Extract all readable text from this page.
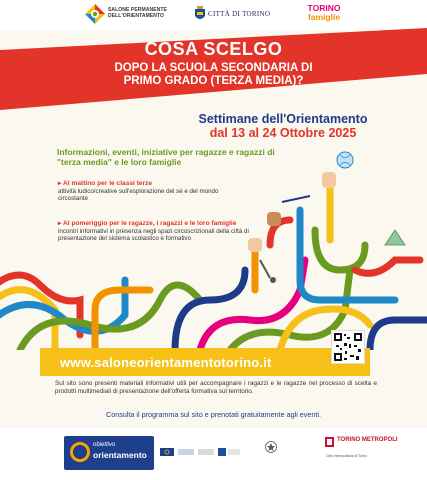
SALONE PERMANENTE
DELL'ORIENTAMENTO	CITTÀ DI TORINO
TORINO
famiglie
COSA SCELGO
DOPO LA SCUOLA SECONDARIA DI
PRIMO GRADO (TERZA MEDIA)?
Settimane dell'Orientamento
dal 13 al 24 Ottobre 2025
Informazioni, eventi, iniziative per ragazze e ragazzi di "terza media" e le loro famiglie
▸ Al mattino per le classi terze
attività ludico/creative sull'esplorazione del sé e del mondo circostante
▸ Al pomeriggio per le ragazze, i ragazzi e le loro famiglie incontri informativi in presenza negli spazi circoscrizionali della città di presentazione del sistema scolastico e formativo
www.saloneorientamentotorino.it
Sul sito sono presenti materiali informativi utili per accompagnare i ragazzi e le ragazze nel processo di scelta e prodotti multimediali di presentazione dell'offerta formativa sul territorio.
Consulta il programma sul sito e prenotati gratuitamente agli eventi.
obiettivo
orientamento
TORINO METROPOLI
Città metropolitana di Torino
